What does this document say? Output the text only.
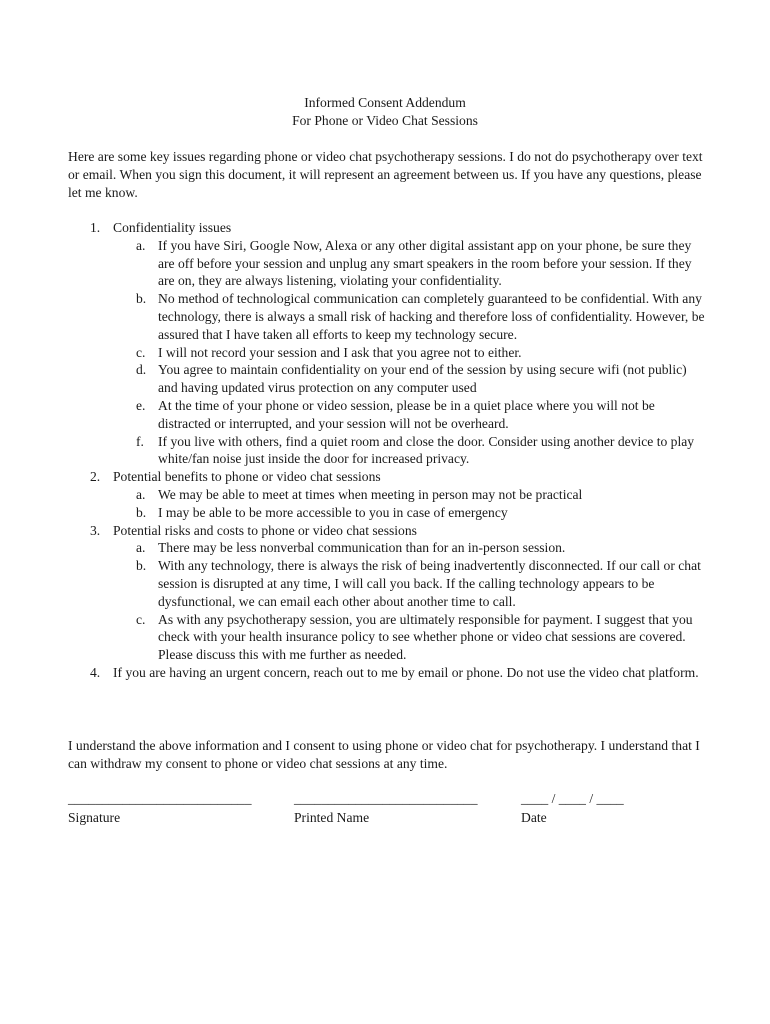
Informed Consent Addendum
For Phone or Video Chat Sessions
Here are some key issues regarding phone or video chat psychotherapy sessions. I do not do psychotherapy over text or email. When you sign this document, it will represent an agreement between us. If you have any questions, please let me know.
1. Confidentiality issues
a. If you have Siri, Google Now, Alexa or any other digital assistant app on your phone, be sure they are off before your session and unplug any smart speakers in the room before your session. If they are on, they are always listening, violating your confidentiality.
b. No method of technological communication can completely guaranteed to be confidential. With any technology, there is always a small risk of hacking and therefore loss of confidentiality. However, be assured that I have taken all efforts to keep my technology secure.
c. I will not record your session and I ask that you agree not to either.
d. You agree to maintain confidentiality on your end of the session by using secure wifi (not public) and having updated virus protection on any computer used
e. At the time of your phone or video session, please be in a quiet place where you will not be distracted or interrupted, and your session will not be overheard.
f. If you live with others, find a quiet room and close the door. Consider using another device to play white/fan noise just inside the door for increased privacy.
2. Potential benefits to phone or video chat sessions
a. We may be able to meet at times when meeting in person may not be practical
b. I may be able to be more accessible to you in case of emergency
3. Potential risks and costs to phone or video chat sessions
a. There may be less nonverbal communication than for an in-person session.
b. With any technology, there is always the risk of being inadvertently disconnected. If our call or chat session is disrupted at any time, I will call you back. If the calling technology appears to be dysfunctional, we can email each other about another time to call.
c. As with any psychotherapy session, you are ultimately responsible for payment. I suggest that you check with your health insurance policy to see whether phone or video chat sessions are covered. Please discuss this with me further as needed.
4. If you are having an urgent concern, reach out to me by email or phone. Do not use the video chat platform.
I understand the above information and I consent to using phone or video chat for psychotherapy. I understand that I can withdraw my consent to phone or video chat sessions at any time.
___________________________
Signature
___________________________
Printed Name
____ / ____ / ____
Date
